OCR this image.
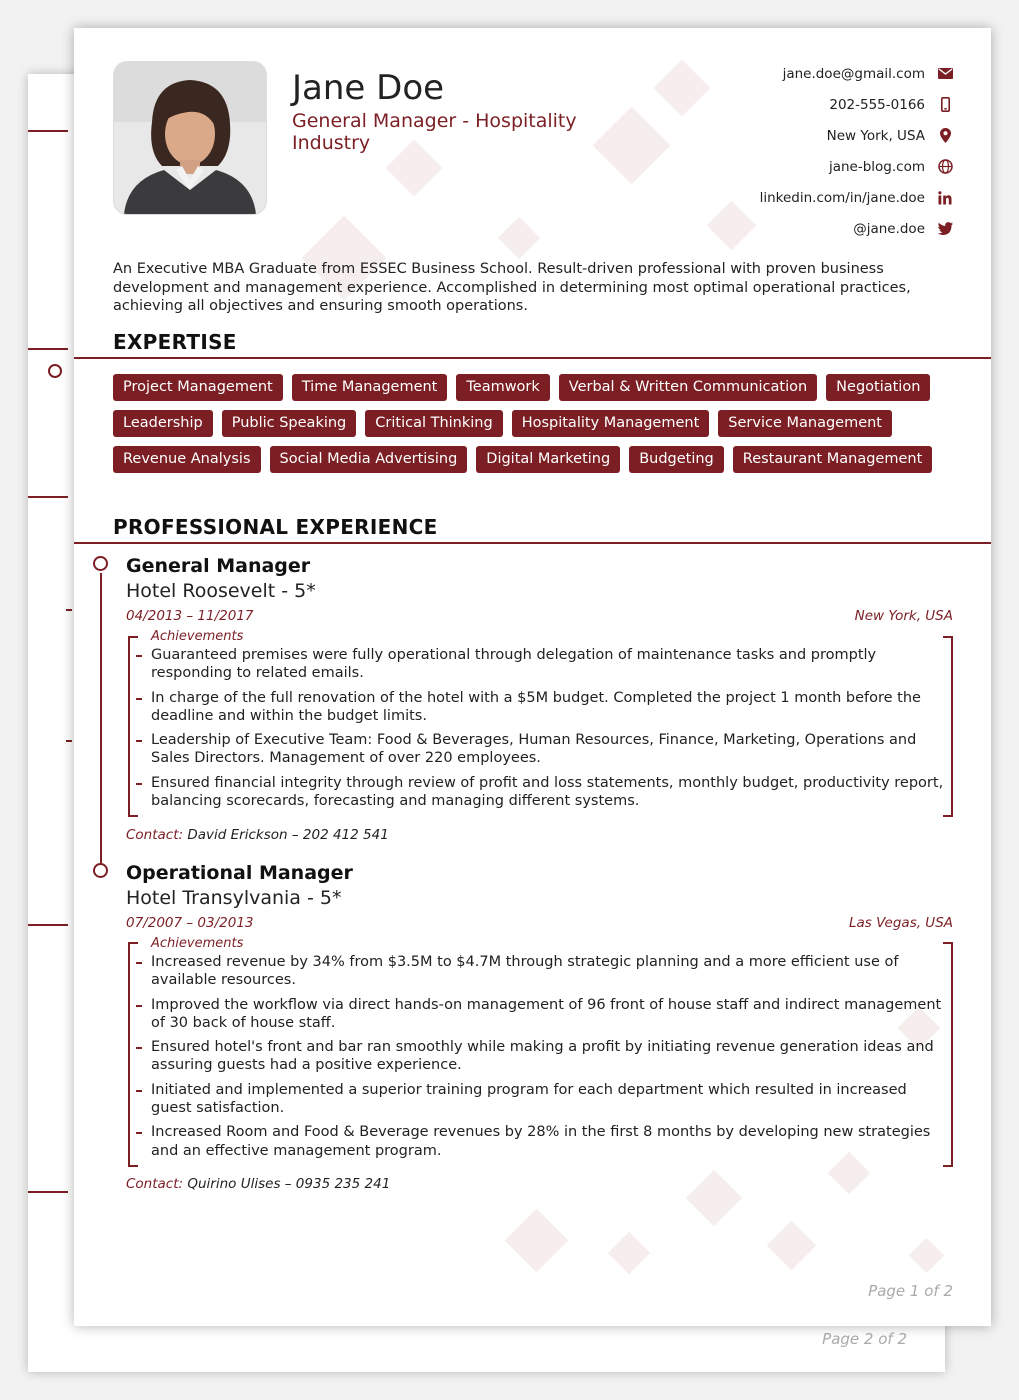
Page 2 of 2
Jane Doe
General Manager - Hospitality Industry
jane.doe@gmail.com
202-555-0166
New York, USA
jane-blog.com
linkedin.com/in/jane.doe
@jane.doe
An Executive MBA Graduate from ESSEC Business School. Result-driven professional with proven business development and management experience. Accomplished in determining most optimal operational practices, achieving all objectives and ensuring smooth operations.
EXPERTISE
Project Management	Time Management	Teamwork	Verbal & Written Communication	Negotiation
Leadership	Public Speaking	Critical Thinking	Hospitality Management	Service Management
Revenue Analysis	Social Media Advertising	Digital Marketing	Budgeting	Restaurant Management
PROFESSIONAL EXPERIENCE
General Manager
Hotel Roosevelt - 5*
04/2013 – 11/2017	New York, USA
Achievements
Guaranteed premises were fully operational through delegation of maintenance tasks and promptly responding to related emails.
In charge of the full renovation of the hotel with a $5M budget. Completed the project 1 month before the deadline and within the budget limits.
Leadership of Executive Team: Food & Beverages, Human Resources, Finance, Marketing, Operations and Sales Directors. Management of over 220 employees.
Ensured financial integrity through review of profit and loss statements, monthly budget, productivity report, balancing scorecards, forecasting and managing different systems.
Contact: David Erickson – 202 412 541
Operational Manager
Hotel Transylvania - 5*
07/2007 – 03/2013	Las Vegas, USA
Achievements
Increased revenue by 34% from $3.5M to $4.7M through strategic planning and a more efficient use of available resources.
Improved the workflow via direct hands-on management of 96 front of house staff and indirect management of 30 back of house staff.
Ensured hotel's front and bar ran smoothly while making a profit by initiating revenue generation ideas and assuring guests had a positive experience.
Initiated and implemented a superior training program for each department which resulted in increased guest satisfaction.
Increased Room and Food & Beverage revenues by 28% in the first 8 months by developing new strategies and an effective management program.
Contact: Quirino Ulises – 0935 235 241
Page 1 of 2
